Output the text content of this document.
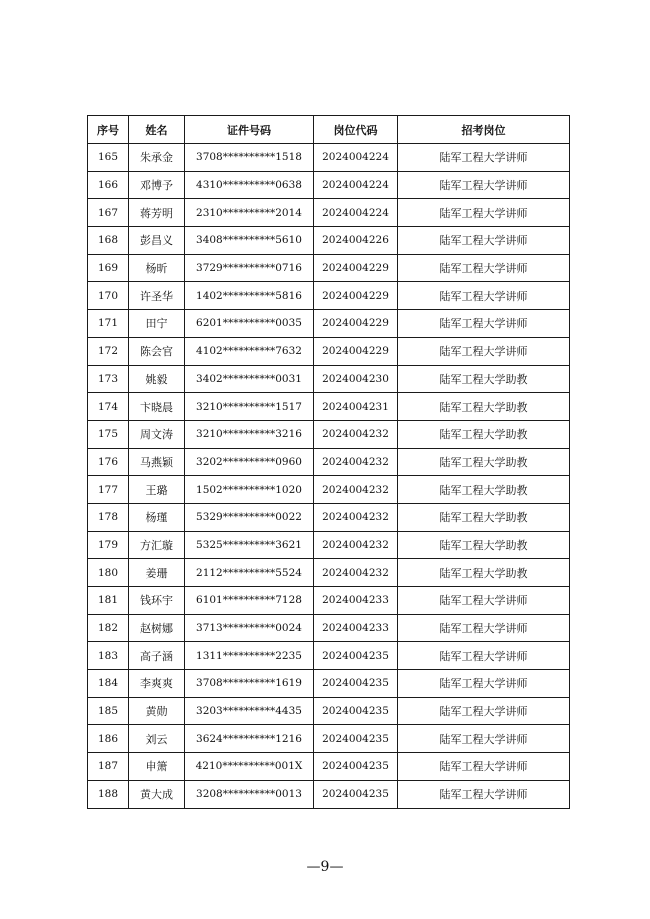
序号	姓名	证件号码	岗位代码	招考岗位
165	朱承金	3708**********1518	2024004224	陆军工程大学讲师
166	邓博予	4310**********0638	2024004224	陆军工程大学讲师
167	蒋芳明	2310**********2014	2024004224	陆军工程大学讲师
168	彭昌义	3408**********5610	2024004226	陆军工程大学讲师
169	杨昕	3729**********0716	2024004229	陆军工程大学讲师
170	许圣华	1402**********5816	2024004229	陆军工程大学讲师
171	田宁	6201**********0035	2024004229	陆军工程大学讲师
172	陈会官	4102**********7632	2024004229	陆军工程大学讲师
173	姚毅	3402**********0031	2024004230	陆军工程大学助教
174	卞晓晨	3210**********1517	2024004231	陆军工程大学助教
175	周文涛	3210**********3216	2024004232	陆军工程大学助教
176	马燕颖	3202**********0960	2024004232	陆军工程大学助教
177	王璐	1502**********1020	2024004232	陆军工程大学助教
178	杨瑾	5329**********0022	2024004232	陆军工程大学助教
179	方汇璇	5325**********3621	2024004232	陆军工程大学助教
180	姜珊	2112**********5524	2024004232	陆军工程大学助教
181	钱环宇	6101**********7128	2024004233	陆军工程大学讲师
182	赵树娜	3713**********0024	2024004233	陆军工程大学讲师
183	高子涵	1311**********2235	2024004235	陆军工程大学讲师
184	李爽爽	3708**********1619	2024004235	陆军工程大学讲师
185	黄勋	3203**********4435	2024004235	陆军工程大学讲师
186	刘云	3624**********1216	2024004235	陆军工程大学讲师
187	申箫	4210**********001X	2024004235	陆军工程大学讲师
188	黄大成	3208**********0013	2024004235	陆军工程大学讲师
—9—
